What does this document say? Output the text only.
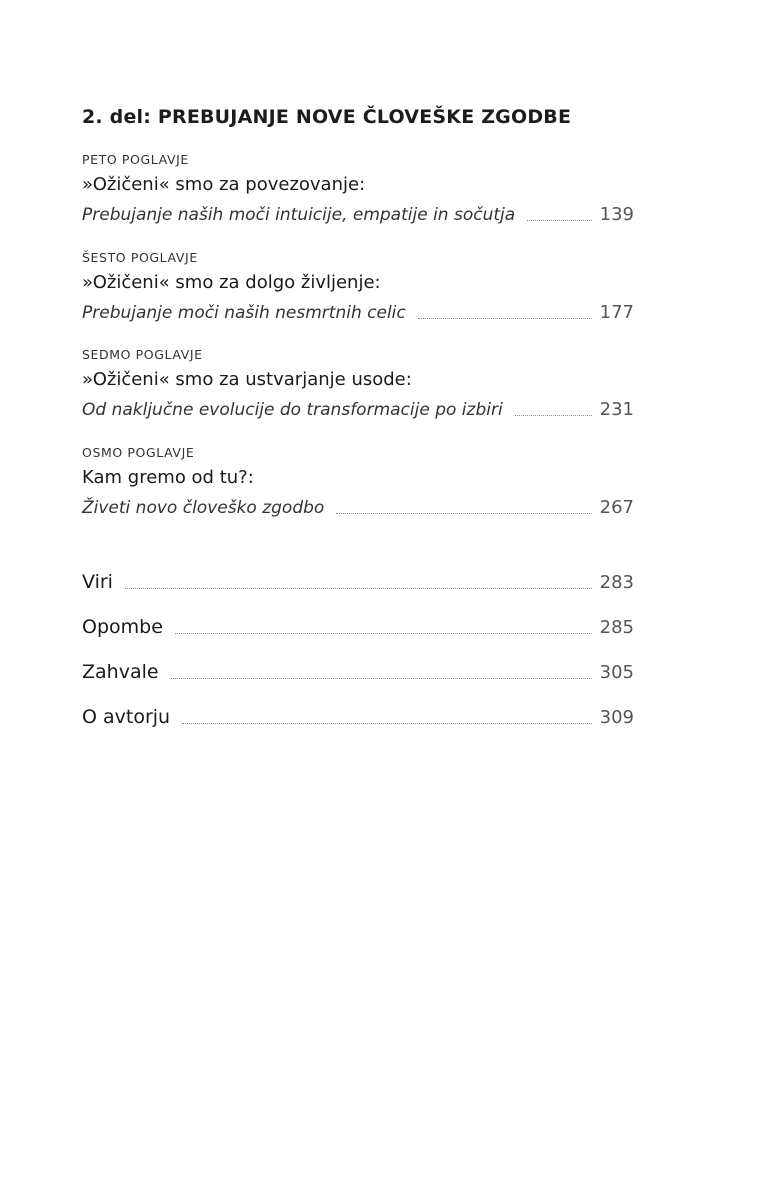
2. del: PREBUJANJE NOVE ČLOVEŠKE ZGODBE
PETO POGLAVJE
»Ožičeni« smo za povezovanje:
Prebujanje naših moči intuicije, empatije in sočutja	139
ŠESTO POGLAVJE
»Ožičeni« smo za dolgo življenje:
Prebujanje moči naših nesmrtnih celic	177
SEDMO POGLAVJE
»Ožičeni« smo za ustvarjanje usode:
Od naključne evolucije do transformacije po izbiri	231
OSMO POGLAVJE
Kam gremo od tu?:
Živeti novo človeško zgodbo	267
Viri	283
Opombe	285
Zahvale	305
O avtorju	309
